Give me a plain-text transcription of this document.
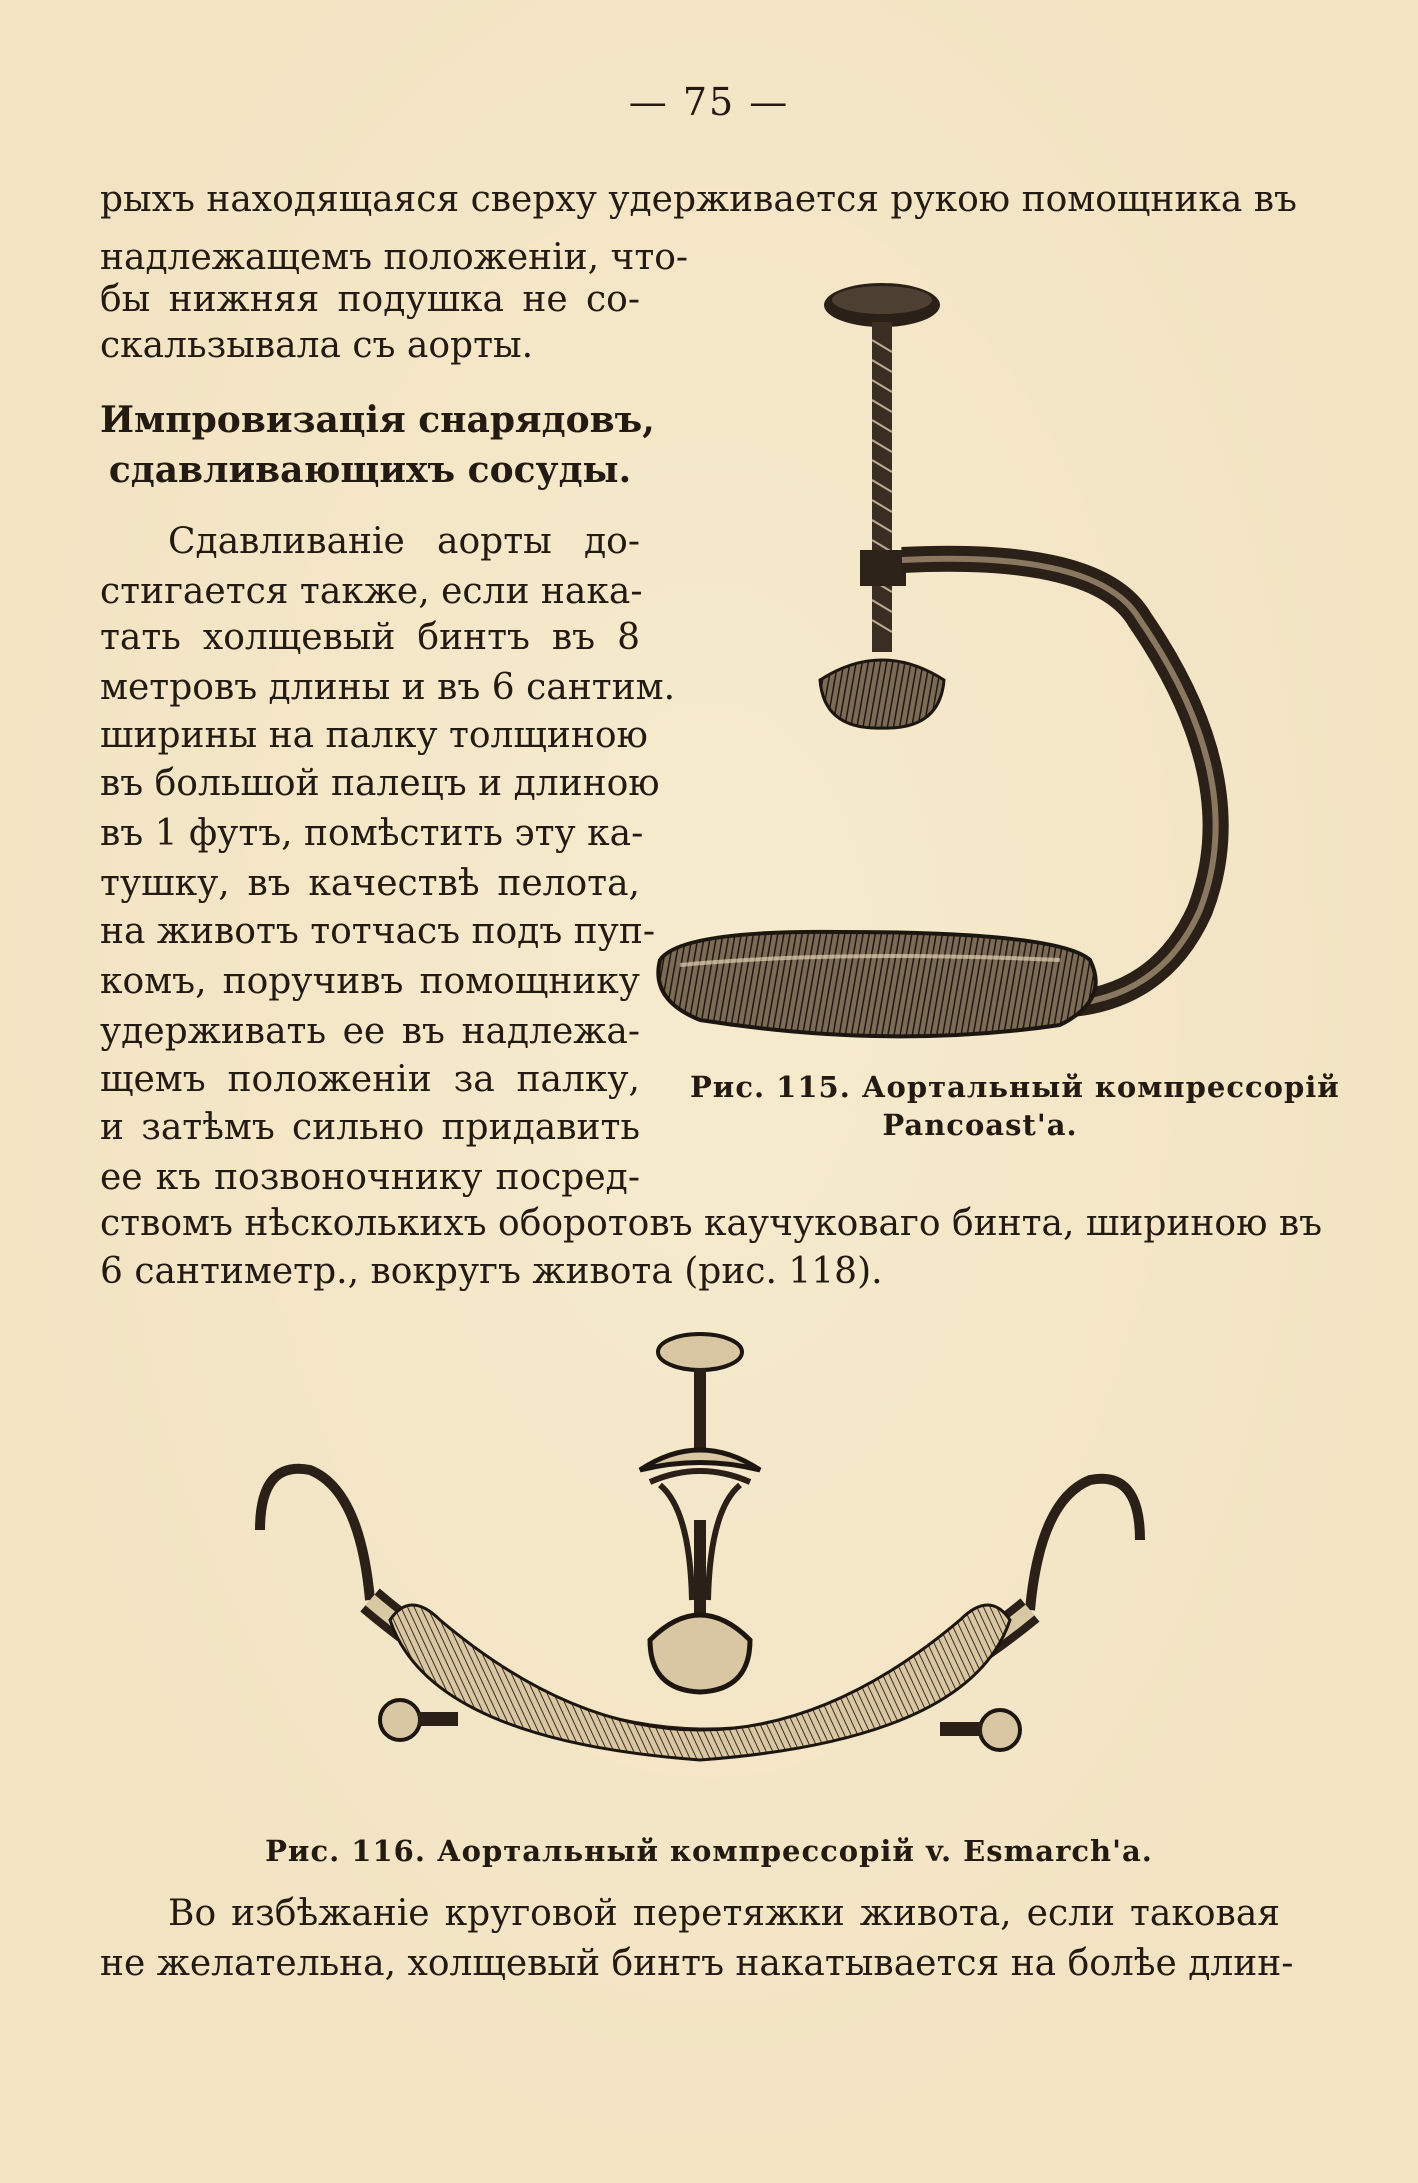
— 75 —
рыхъ находящаяся сверху удерживается рукою помощника въ
надлежащемъ положеніи, что-
бы нижняя подушка не со-
скальзывала съ аорты.
Импровизація снарядовъ,
сдавливающихъ сосуды.
Сдавливаніе аорты до-
стигается также, если нака-
тать холщевый бинтъ въ 8
метровъ длины и въ 6 сантим.
ширины на палку толщиною
въ большой палецъ и длиною
въ 1 футъ, помѣстить эту ка-
тушку, въ качествѣ пелота,
на животъ тотчасъ подъ пуп-
комъ, поручивъ помощнику
удерживать ее въ надлежа-
щемъ положеніи за палку,
и затѣмъ сильно придавить
ее къ позвоночнику посред-
ствомъ нѣсколькихъ оборотовъ каучуковаго бинта, шириною въ
6 сантиметр., вокругъ живота (рис. 118).
Рис. 115. Аортальный компрессорій
Pancoast'a.
Рис. 116. Аортальный компрессорій v. Esmarch'a.
Во избѣжаніе круговой перетяжки живота, если таковая
не желательна, холщевый бинтъ накатывается на болѣе длин-
